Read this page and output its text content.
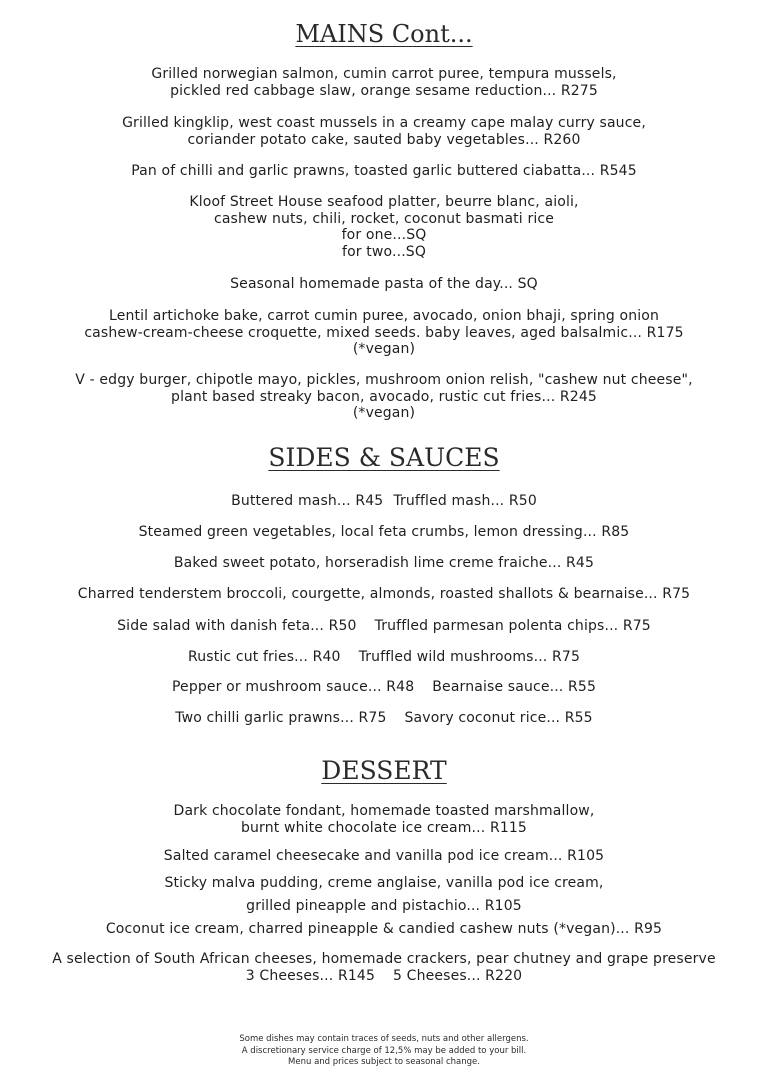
MAINS Cont...
Grilled norwegian salmon, cumin carrot puree, tempura mussels,
pickled red cabbage slaw, orange sesame reduction... R275
Grilled kingklip, west coast mussels in a creamy cape malay curry sauce,
coriander potato cake, sauted baby vegetables... R260
Pan of chilli and garlic prawns, toasted garlic buttered ciabatta... R545
Kloof Street House seafood platter, beurre blanc, aioli,
cashew nuts, chili, rocket, coconut basmati rice
for one...SQ
for two...SQ
Seasonal homemade pasta of the day... SQ
Lentil artichoke bake, carrot cumin puree, avocado, onion bhaji, spring onion
cashew-cream-cheese croquette, mixed seeds. baby leaves, aged balsalmic... R175
(*vegan)
V - edgy burger, chipotle mayo, pickles, mushroom onion relish, "cashew nut cheese",
plant based streaky bacon, avocado, rustic cut fries... R245
(*vegan)
SIDES & SAUCES
Buttered mash... R45 Truffled mash... R50
Steamed green vegetables, local feta crumbs, lemon dressing... R85
Baked sweet potato, horseradish lime creme fraiche... R45
Charred tenderstem broccoli, courgette, almonds, roasted shallots & bearnaise... R75
Side salad with danish feta... R50 Truffled parmesan polenta chips... R75
Rustic cut fries... R40 Truffled wild mushrooms... R75
Pepper or mushroom sauce... R48 Bearnaise sauce... R55
Two chilli garlic prawns... R75 Savory coconut rice... R55
DESSERT
Dark chocolate fondant, homemade toasted marshmallow,
burnt white chocolate ice cream... R115
Salted caramel cheesecake and vanilla pod ice cream... R105
Sticky malva pudding, creme anglaise, vanilla pod ice cream,
grilled pineapple and pistachio... R105
Coconut ice cream, charred pineapple & candied cashew nuts (*vegan)... R95
A selection of South African cheeses, homemade crackers, pear chutney and grape preserve
3 Cheeses... R145 5 Cheeses... R220
Some dishes may contain traces of seeds, nuts and other allergens.
A discretionary service charge of 12,5% may be added to your bill.
Menu and prices subject to seasonal change.
